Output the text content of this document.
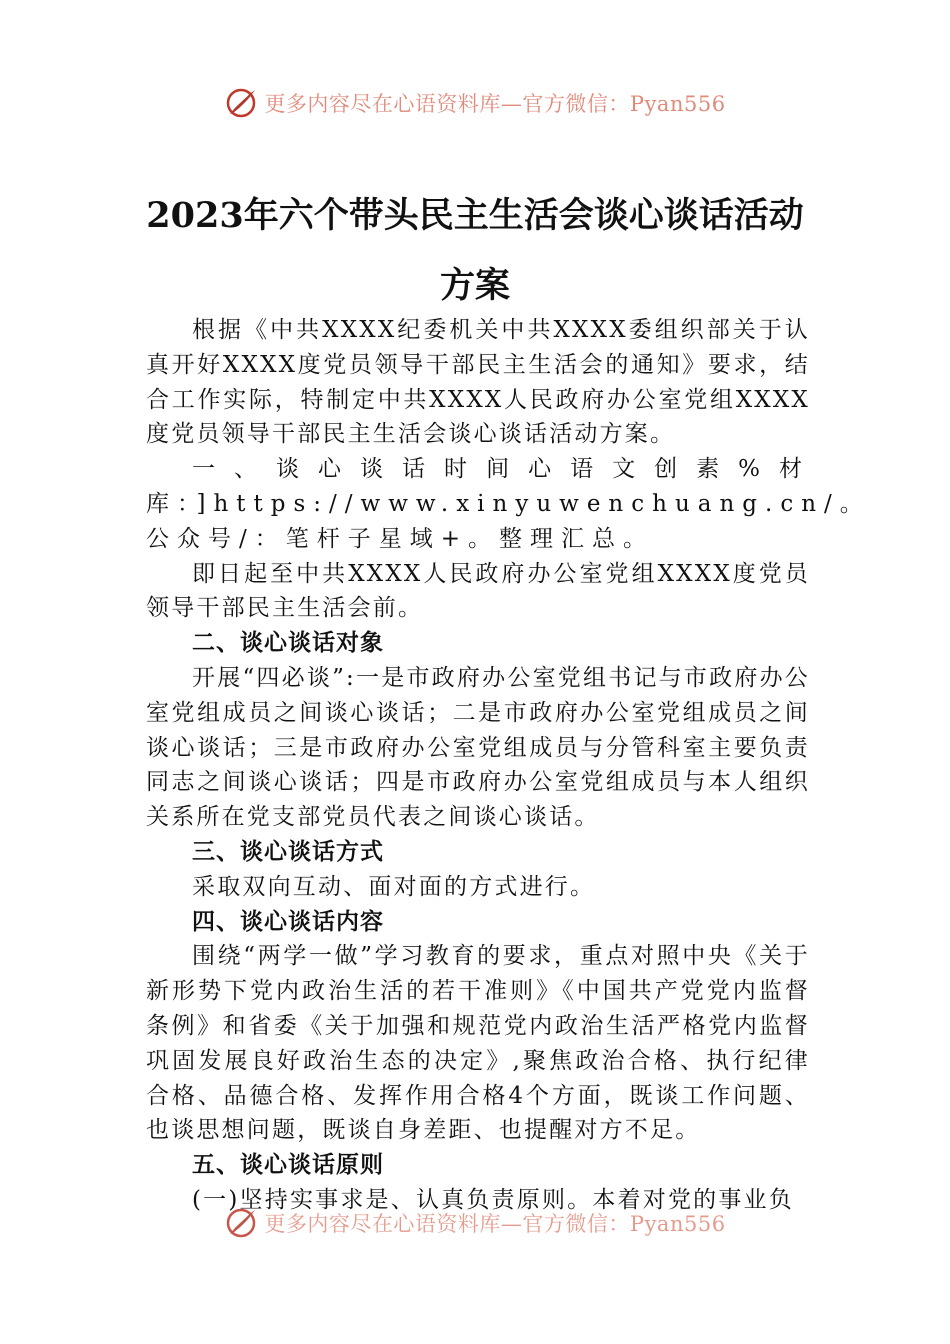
更多内容尽在心语资料库—官方微信：Pyan556
2023年六个带头民主生活会谈心谈话活动
方案

根据《中共XXXX纪委机关中共XXXX委组织部关于认真开好XXXX度党员领导干部民主生活会的通知》要求，结合工作实际，特制定中共XXXX人民政府办公室党组XXXX度党员领导干部民主生活会谈心谈话活动方案。

一、谈心谈话时间心语文创素%材库：]https://www.xinyuwenchuang.cn/。公众号/：笔杆子星域+。整理汇总。

即日起至中共XXXX人民政府办公室党组XXXX度党员领导干部民主生活会前。

二、谈心谈话对象

开展“四必谈”:一是市政府办公室党组书记与市政府办公室党组成员之间谈心谈话；二是市政府办公室党组成员之间谈心谈话；三是市政府办公室党组成员与分管科室主要负责同志之间谈心谈话；四是市政府办公室党组成员与本人组织关系所在党支部党员代表之间谈心谈话。

三、谈心谈话方式

采取双向互动、面对面的方式进行。

四、谈心谈话内容

围绕“两学一做”学习教育的要求，重点对照中央《关于新形势下党内政治生活的若干准则》《中国共产党党内监督条例》和省委《关于加强和规范党内政治生活严格党内监督巩固发展良好政治生态的决定》,聚焦政治合格、执行纪律合格、品德合格、发挥作用合格4个方面，既谈工作问题、也谈思想问题，既谈自身差距、也提醒对方不足。

五、谈心谈话原则

(一)坚持实事求是、认真负责原则。本着对党的事业负

更多内容尽在心语资料库—官方微信：Pyan556
